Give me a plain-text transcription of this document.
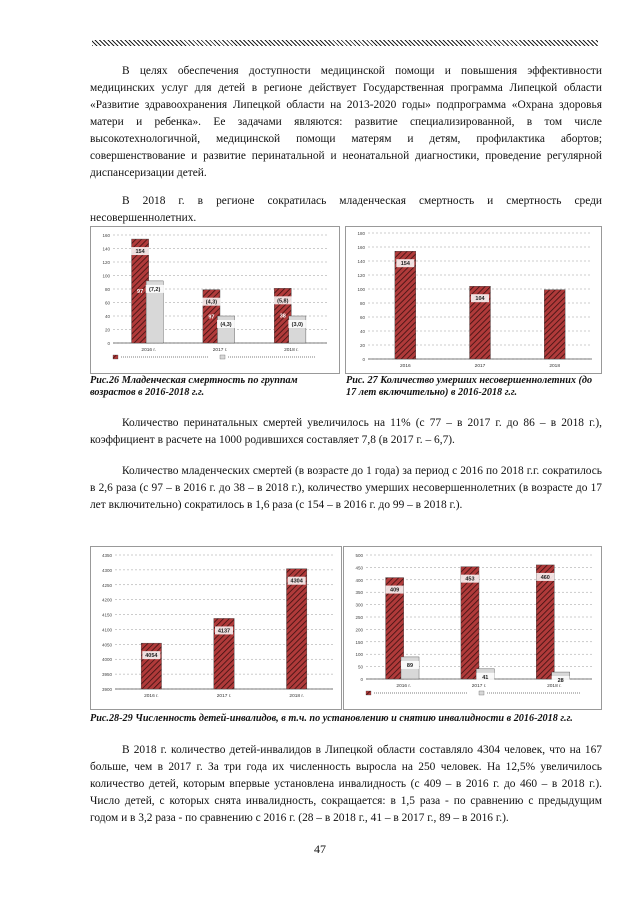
В целях обеспечения доступности медицинской помощи и повышения эффективности медицинских услуг для детей в регионе действует Государственная программа Липецкой области «Развитие здравоохранения Липецкой области на 2013-2020 годы» подпрограмма «Охрана здоровья матери и ребенка». Ее задачами являются: развитие специализированной, в том числе высокотехнологичной, медицинской помощи матерям и детям, профилактика абортов; совершенствование и развитие перинатальной и неонатальной диагностики, проведение регулярной диспансеризации детей.
В 2018 г. в регионе сократилась младенческая смертность и смертность среди несовершеннолетних.
0
20
40
60
80
100
120
140
160
154
(7,2)
97
2016 г.
(4,3)
(4,3)
97
2017 г.
(5,8)
(3,0)
38
2018 г.
0
20
40
60
80
100
120
140
160
180
154
2016
104
2017	2018
Рис.26 Младенческая смертность по группам возрастов в 2016-2018 г.г.
Рис. 27 Количество умерших несовершеннолетних (до 17 лет включительно) в 2016-2018 г.г.
Количество перинатальных смертей увеличилось на 11% (с 77 – в 2017 г. до 86 – в 2018 г.), коэффициент в расчете на 1000 родившихся составляет 7,8 (в 2017 г. – 6,7).
Количество младенческих смертей (в возрасте до 1 года) за период с 2016 по 2018 г.г. сократилось в 2,6 раза (с 97 – в 2016 г. до 38 – в 2018 г.), количество умерших несовершеннолетних (в возрасте до 17 лет включительно) сократилось в 1,6 раза (с 154 – в 2016 г. до 99 – в 2018 г.).
3900
3950
4000
4050
4100
4150
4200
4250
4300
4350
4054
2016 г.
4137
2017 г.
4304
2018 г.
0
50
100
150
200
250
300
350
400
450
500
409
89
2016 г.
453
41
2017 г.
460
28
2018 г.
Рис.28-29 Численность детей-инвалидов, в т.ч. по установлению и снятию инвалидности в 2016-2018 г.г.
В 2018 г. количество детей-инвалидов в Липецкой области составляло 4304 человек, что на 167 больше, чем в 2017 г. За три года их численность выросла на 250 человек. На 12,5% увеличилось количество детей, которым впервые установлена инвалидность (с 409 – в 2016 г. до 460 – в 2018 г.). Число детей, с которых снята инвалидность, сокращается: в 1,5 раза - по сравнению с предыдущим годом и в 3,2 раза - по сравнению с 2016 г. (28 – в 2018 г., 41 – в 2017 г., 89 – в 2016 г.).
47
